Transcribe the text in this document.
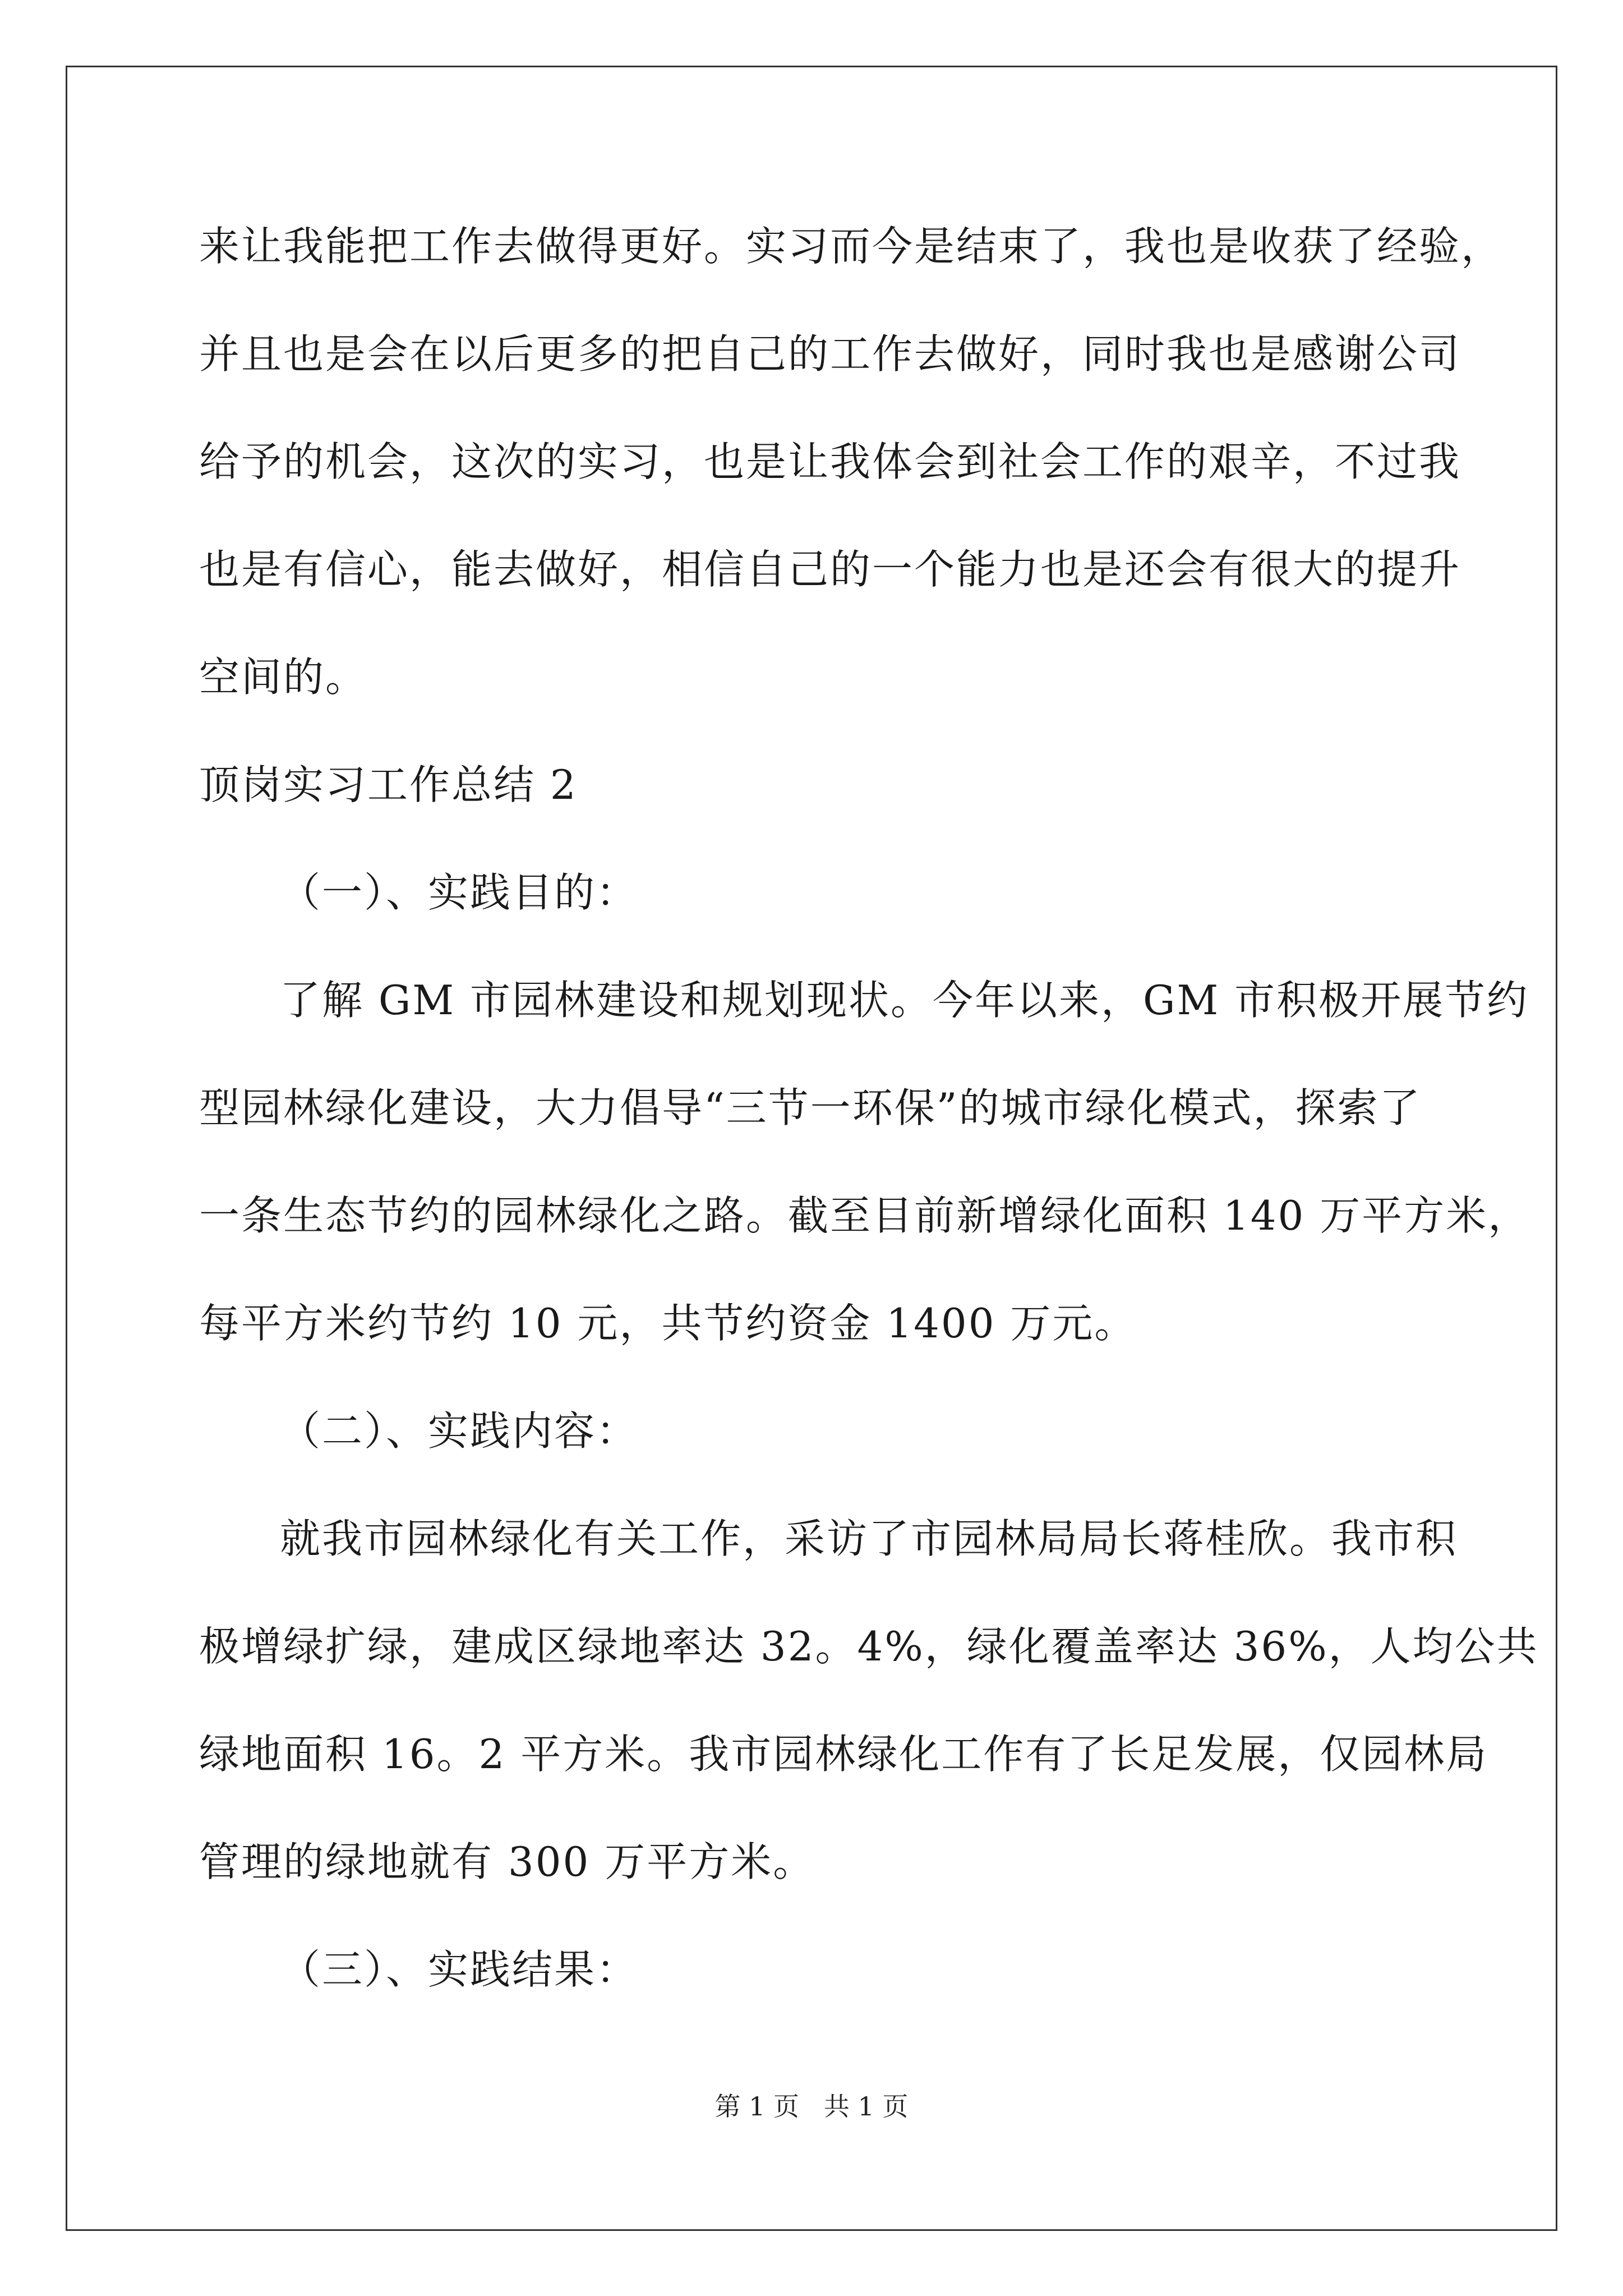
来让我能把工作去做得更好。实习而今是结束了，我也是收获了经验，
并且也是会在以后更多的把自己的工作去做好，同时我也是感谢公司
给予的机会，这次的实习，也是让我体会到社会工作的艰辛，不过我
也是有信心，能去做好，相信自己的一个能力也是还会有很大的提升
空间的。
顶岗实习工作总结 2
（一）、实践目的：
了解 GM 市园林建设和规划现状。今年以来，GM 市积极开展节约
型园林绿化建设，大力倡导“三节一环保”的城市绿化模式，探索了
一条生态节约的园林绿化之路。截至目前新增绿化面积 140 万平方米，
每平方米约节约 10 元，共节约资金 1400 万元。
（二）、实践内容：
就我市园林绿化有关工作，采访了市园林局局长蒋桂欣。我市积
极增绿扩绿，建成区绿地率达 32。4%，绿化覆盖率达 36%，人均公共
绿地面积 16。2 平方米。我市园林绿化工作有了长足发展，仅园林局
管理的绿地就有 300 万平方米。
（三）、实践结果：
第 1 页   共 1 页
